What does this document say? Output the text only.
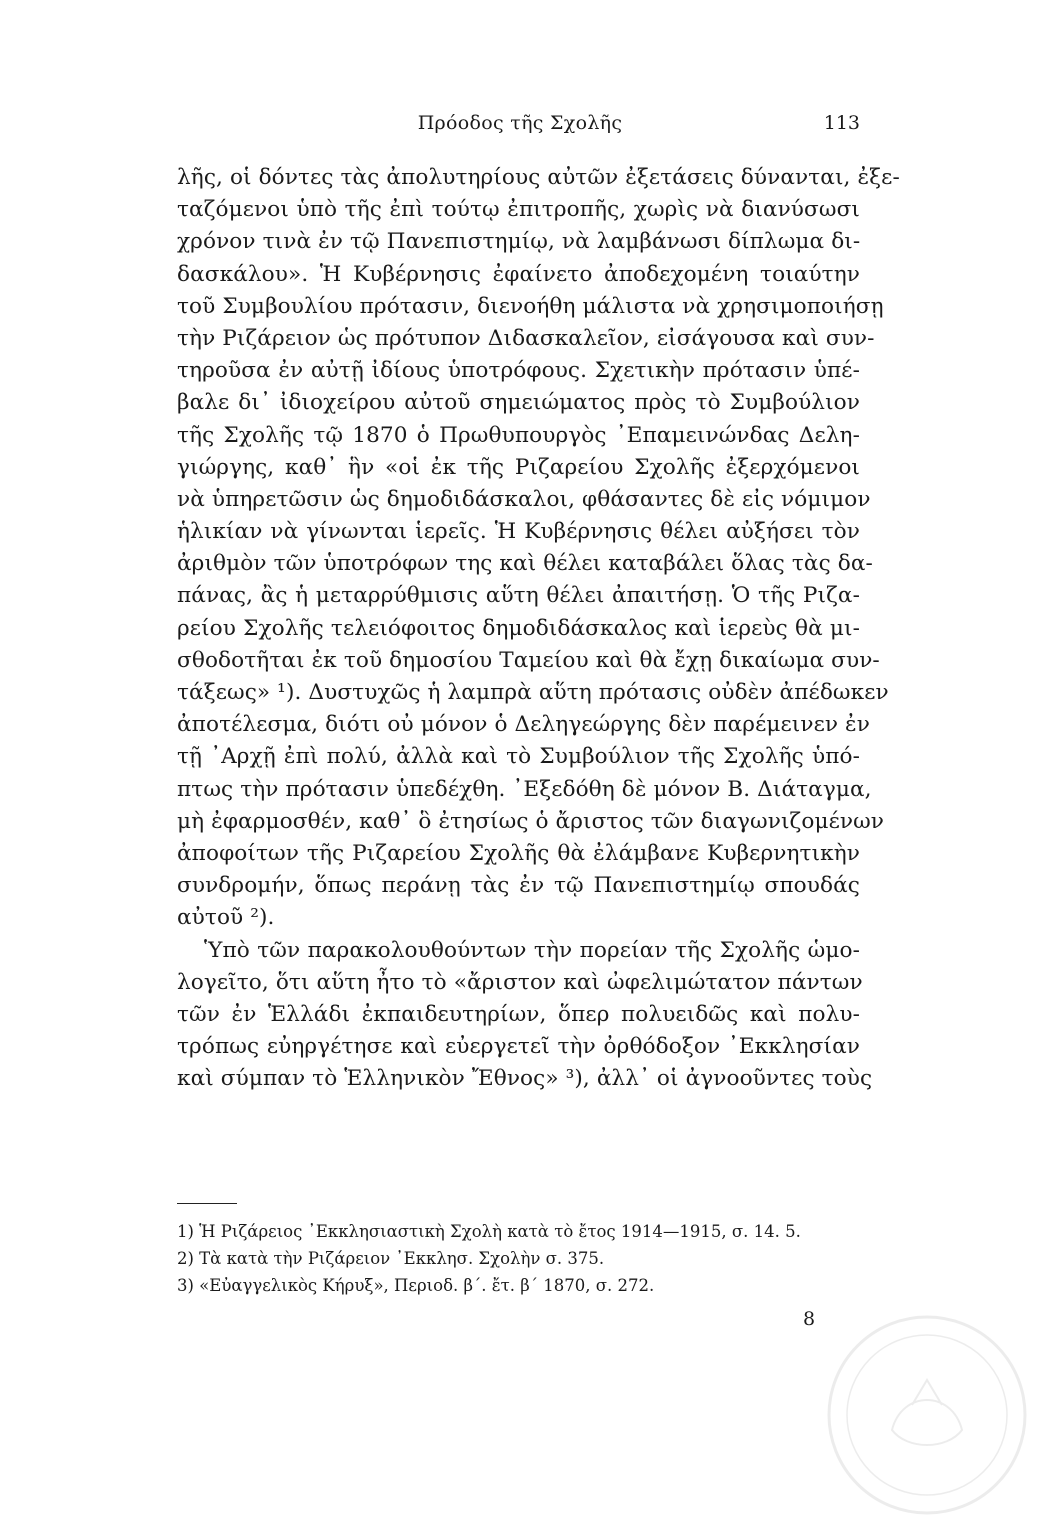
Πρόοδος τῆς Σχολῆς	113
λῆς, οἱ δόντες τὰς ἀπολυτηρίους αὐτῶν ἐξετάσεις δύνανται, ἐξε-
ταζόμενοι ὑπὸ τῆς ἐπὶ τούτῳ ἐπιτροπῆς, χωρὶς νὰ διανύσωσι
χρόνον τινὰ ἐν τῷ Πανεπιστημίῳ, νὰ λαμβάνωσι δίπλωμα δι-
δασκάλου». Ἡ Κυβέρνησις ἐφαίνετο ἀποδεχομένη τοιαύτην
τοῦ Συμβουλίου πρότασιν, διενοήθη μάλιστα νὰ χρησιμοποιήσῃ
τὴν Ριζάρειον ὡς πρότυπον Διδασκαλεῖον, εἰσάγουσα καὶ συν-
τηροῦσα ἐν αὐτῇ ἰδίους ὑποτρόφους. Σχετικὴν πρότασιν ὑπέ-
βαλε δι᾽ ἰδιοχείρου αὐτοῦ σημειώματος πρὸς τὸ Συμβούλιον
τῆς Σχολῆς τῷ 1870 ὁ Πρωθυπουργὸς ᾽Επαμεινώνδας Δελη-
γιώργης, καθ᾽ ἣν «οἱ ἐκ τῆς Ριζαρείου Σχολῆς ἐξερχόμενοι
νὰ ὑπηρετῶσιν ὡς δημοδιδάσκαλοι, φθάσαντες δὲ εἰς νόμιμον
ἡλικίαν νὰ γίνωνται ἱερεῖς. Ἡ Κυβέρνησις θέλει αὐξήσει τὸν
ἀριθμὸν τῶν ὑποτρόφων της καὶ θέλει καταβάλει ὅλας τὰς δα-
πάνας, ἂς ἡ μεταρρύθμισις αὕτη θέλει ἀπαιτήσῃ. Ὁ τῆς Ριζα-
ρείου Σχολῆς τελειόφοιτος δημοδιδάσκαλος καὶ ἱερεὺς θὰ μι-
σθοδοτῆται ἐκ τοῦ δημοσίου Ταμείου καὶ θὰ ἔχῃ δικαίωμα συν-
τάξεως» ¹). Δυστυχῶς ἡ λαμπρὰ αὕτη πρότασις οὐδὲν ἀπέδωκεν
ἀποτέλεσμα, διότι οὐ μόνον ὁ Δεληγεώργης δὲν παρέμεινεν ἐν
τῇ ᾽Αρχῇ ἐπὶ πολύ, ἀλλὰ καὶ τὸ Συμβούλιον τῆς Σχολῆς ὑπό-
πτως τὴν πρότασιν ὑπεδέχθη. ᾽Εξεδόθη δὲ μόνον Β. Διάταγμα,
μὴ ἐφαρμοσθέν, καθ᾽ ὃ ἐτησίως ὁ ἄριστος τῶν διαγωνιζομένων
ἀποφοίτων τῆς Ριζαρείου Σχολῆς θὰ ἐλάμβανε Κυβερνητικὴν
συνδρομήν, ὅπως περάνῃ τὰς ἐν τῷ Πανεπιστημίῳ σπουδάς
αὐτοῦ ²).
Ὑπὸ τῶν παρακολουθούντων τὴν πορείαν τῆς Σχολῆς ὡμο-
λογεῖτο, ὅτι αὕτη ἦτο τὸ «ἄριστον καὶ ὠφελιμώτατον πάντων
τῶν ἐν Ἑλλάδι ἐκπαιδευτηρίων, ὅπερ πολυειδῶς καὶ πολυ-
τρόπως εὐηργέτησε καὶ εὐεργετεῖ τὴν ὀρθόδοξον ᾽Εκκλησίαν
καὶ σύμπαν τὸ Ἑλληνικὸν Ἔθνος» ³), ἀλλ᾽ οἱ ἀγνοοῦντες τοὺς
1) Ἡ Ριζάρειος ᾽Εκκλησιαστικὴ Σχολὴ κατὰ τὸ ἔτος 1914—1915, σ. 14. 5.
2) Τὰ κατὰ τὴν Ριζάρειον ᾽Εκκλησ. Σχολὴν σ. 375.
3) «Εὐαγγελικὸς Κήρυξ», Περιοδ. β΄. ἔτ. β΄ 1870, σ. 272.
8
